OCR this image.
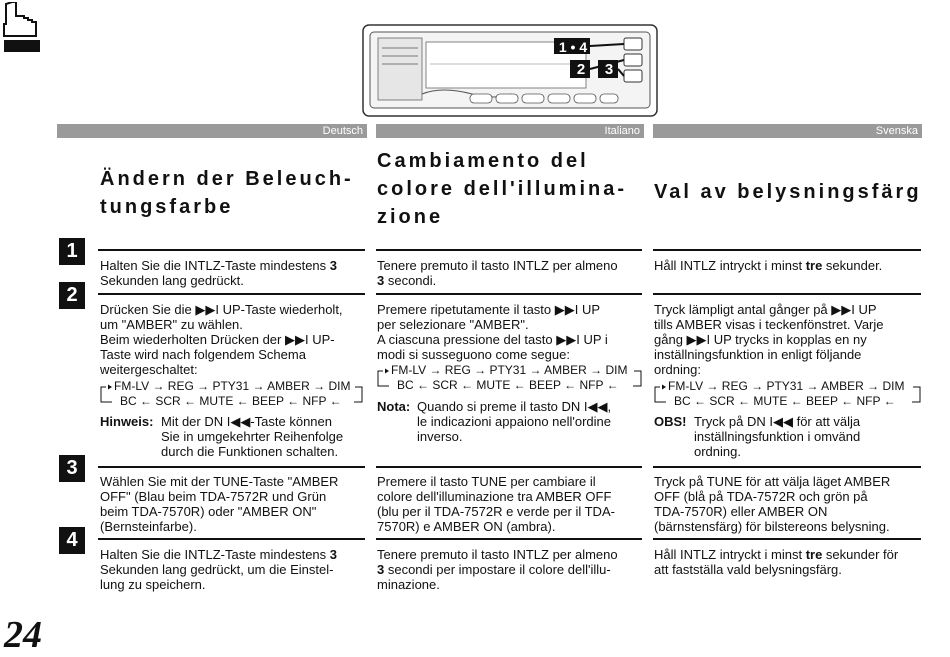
1 • 4
2	3
Deutsch	Italiano	Svenska
Ändern der Beleuch-
tungsfarbe
Cambiamento del
colore dell'illumina-
zione
Val av belysningsfärg
1
2
3
4
Halten Sie die INTLZ-Taste mindestens 3
Sekunden lang gedrückt.
Drücken Sie die ▶▶I UP-Taste wiederholt,
um "AMBER" zu wählen.
Beim wiederholten Drücken der ▶▶I UP-
Taste wird nach folgendem Schema
weitergeschaltet:
FM-LV → REG → PTY31 → AMBER → DIM
BC ← SCR ← MUTE ← BEEP ← NFP ←
Hinweis: Mit der DN I◀◀-Taste können
Sie in umgekehrter Reihenfolge
durch die Funktionen schalten.
Wählen Sie mit der TUNE-Taste "AMBER
OFF" (Blau beim TDA-7572R und Grün
beim TDA-7570R) oder "AMBER ON"
(Bernsteinfarbe).
Halten Sie die INTLZ-Taste mindestens 3
Sekunden lang gedrückt, um die Einstel-
lung zu speichern.
Tenere premuto il tasto INTLZ per almeno
3 secondi.
Premere ripetutamente il tasto ▶▶I UP
per selezionare "AMBER".
A ciascuna pressione del tasto ▶▶I UP i
modi si susseguono come segue:
FM-LV → REG → PTY31 → AMBER → DIM
BC ← SCR ← MUTE ← BEEP ← NFP ←
Nota: Quando si preme il tasto DN I◀◀,
le indicazioni appaiono nell'ordine
inverso.
Premere il tasto TUNE per cambiare il
colore dell'illuminazione tra AMBER OFF
(blu per il TDA-7572R e verde per il TDA-
7570R) e AMBER ON (ambra).
Tenere premuto il tasto INTLZ per almeno
3 secondi per impostare il colore dell'illu-
minazione.
Håll INTLZ intryckt i minst tre sekunder.
Tryck lämpligt antal gånger på ▶▶I UP
tills AMBER visas i teckenfönstret. Varje
gång ▶▶I UP trycks in kopplas en ny
inställningsfunktion in enligt följande
ordning:
FM-LV → REG → PTY31 → AMBER → DIM
BC ← SCR ← MUTE ← BEEP ← NFP ←
OBS! Tryck på DN I◀◀ för att välja
inställningsfunktion i omvänd
ordning.
Tryck på TUNE för att välja läget AMBER
OFF (blå på TDA-7572R och grön på
TDA-7570R) eller AMBER ON
(bärnstensfärg) för bilstereons belysning.
Håll INTLZ intryckt i minst tre sekunder för
att fastställa vald belysningsfärg.
24
